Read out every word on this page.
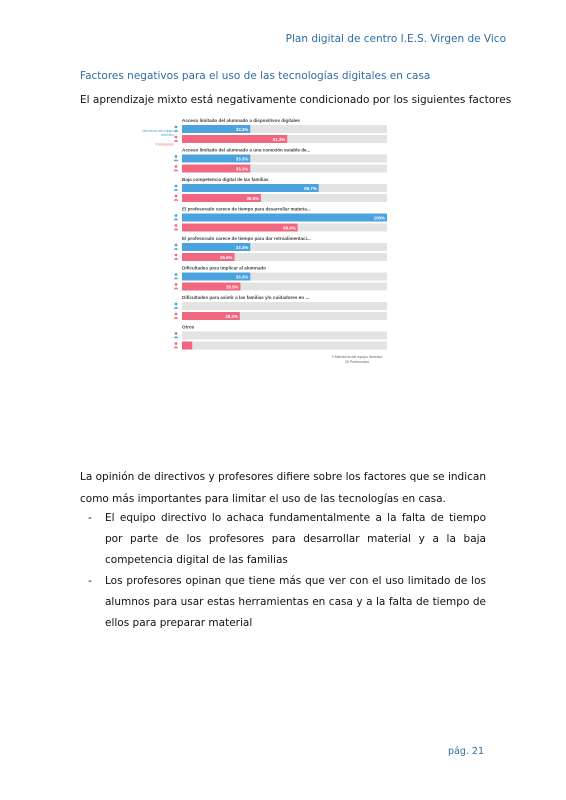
Plan digital de centro I.E.S. Virgen de Vico
Factores negativos para el uso de las tecnologías digitales en casa
El aprendizaje mixto está negativamente condicionado por los siguientes factores
Miembros del equipo
directivo
Profesorado
Acceso limitado del alumnado a dispositivos digitales
33.3%
51.3%
Acceso limitado del alumnado a una conexión estable de...
33.3%
33.3%
Baja competencia digital de las familias
66.7%
38.5%
El profesorado carece de tiempo para desarrollar materia...
100%
56.4%
El profesorado carece de tiempo para dar retroalimentaci...
33.3%
25.6%
Dificultades para implicar al alumnado
33.3%
28.5%
Dificultades para asistir a las familias y/o cuidadores en ...
28.2%
Otros
3 Miembros del equipo directivo
39 Profesorado
La opinión de directivos y profesores difiere sobre los factores que se indican como más importantes para limitar el uso de las tecnologías en casa.
- El equipo directivo lo achaca fundamentalmente a la falta de tiempo por parte de los profesores para desarrollar material y a la baja competencia digital de las familias
- Los profesores opinan que tiene más que ver con el uso limitado de los alumnos para usar estas herramientas en casa y a la falta de tiempo de ellos para preparar material
pág. 21
